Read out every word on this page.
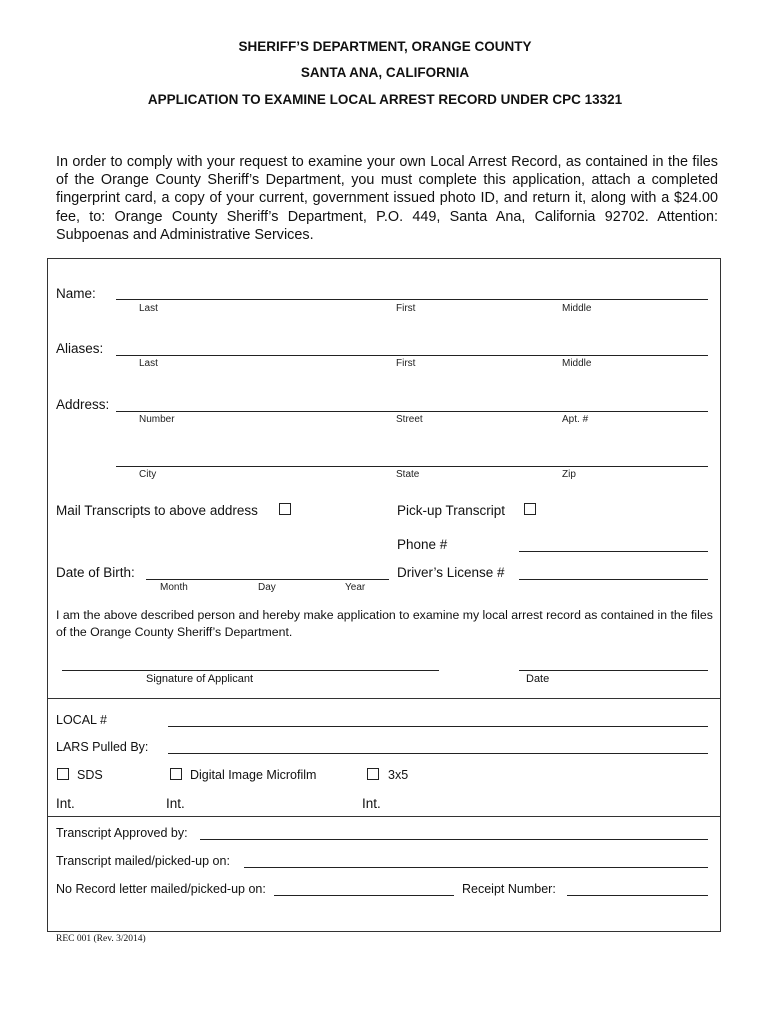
SHERIFF’S DEPARTMENT, ORANGE COUNTY
SANTA ANA, CALIFORNIA
APPLICATION TO EXAMINE LOCAL ARREST RECORD UNDER CPC 13321
In order to comply with your request to examine your own Local Arrest Record, as contained in the files of the Orange County Sheriff’s Department, you must complete this application, attach a completed fingerprint card, a copy of your current, government issued photo ID, and return it, along with a $24.00 fee, to: Orange County Sheriff’s Department, P.O. 449, Santa Ana, California 92702. Attention: Subpoenas and Administrative Services.
Name:
Last	First	Middle
Aliases:
Last	First	Middle
Address:
Number	Street	Apt. #
City	State	Zip
Mail Transcripts to above address	Pick-up Transcript
Phone #
Date of Birth:
Month	Day	Year
Driver’s License #
I am the above described person and hereby make application to examine my local arrest record as contained in the files of the Orange County Sheriff’s Department.
Signature of Applicant	Date
LOCAL #
LARS Pulled By:
SDS	Digital Image Microfilm	3x5
Int.	Int.	Int.
Transcript Approved by:
Transcript mailed/picked-up on:
No Record letter mailed/picked-up on:	Receipt Number:
REC 001 (Rev. 3/2014)
